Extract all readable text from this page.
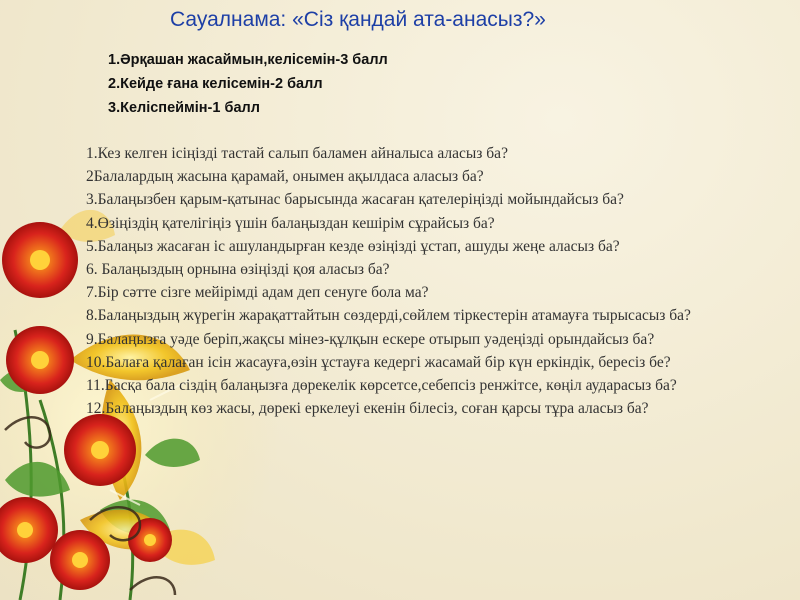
Сауалнама: «Сіз қандай ата-анасыз?»
1.Әрқашан жасаймын,келісемін-3 балл
2.Кейде ғана келісемін-2 балл
3.Келіспеймін-1 балл

1.Кез келген ісіңізді тастай салып баламен айналыса аласыз ба?

2Балалардың жасына қарамай, онымен ақылдаса аласыз ба?

3.Балаңызбен қарым-қатынас барысында жасаған қателеріңізді мойындайсыз ба?

4.Өзіңіздің қателігіңіз үшін балаңыздан кешірім сұрайсыз ба?

5.Балаңыз жасаған іс ашуландырған кезде өзіңізді ұстап, ашуды жеңе аласыз ба?

6. Балаңыздың орнына өзіңізді қоя аласыз ба?

7.Бір сәтте сізге мейірімді адам деп сенуге бола ма?

8.Балаңыздың жүрегін жарақаттайтын сөздерді,сөйлем тіркестерін атамауға тырысасыз ба?

9.Балаңызға уәде беріп,жақсы мінез-құлқын ескере отырып уәдеңізді орындайсыз ба?

10.Балаға қалаған ісін жасауға,өзін ұстауға кедергі жасамай бір күн еркіндік, бересіз бе?

11.Басқа бала сіздің балаңызға дөрекелік көрсетсе,себепсіз ренжітсе, көңіл аударасыз ба?

12.Балаңыздың көз жасы, дөрекі еркелеуі екенін білесіз, соған қарсы тұра аласыз ба?
